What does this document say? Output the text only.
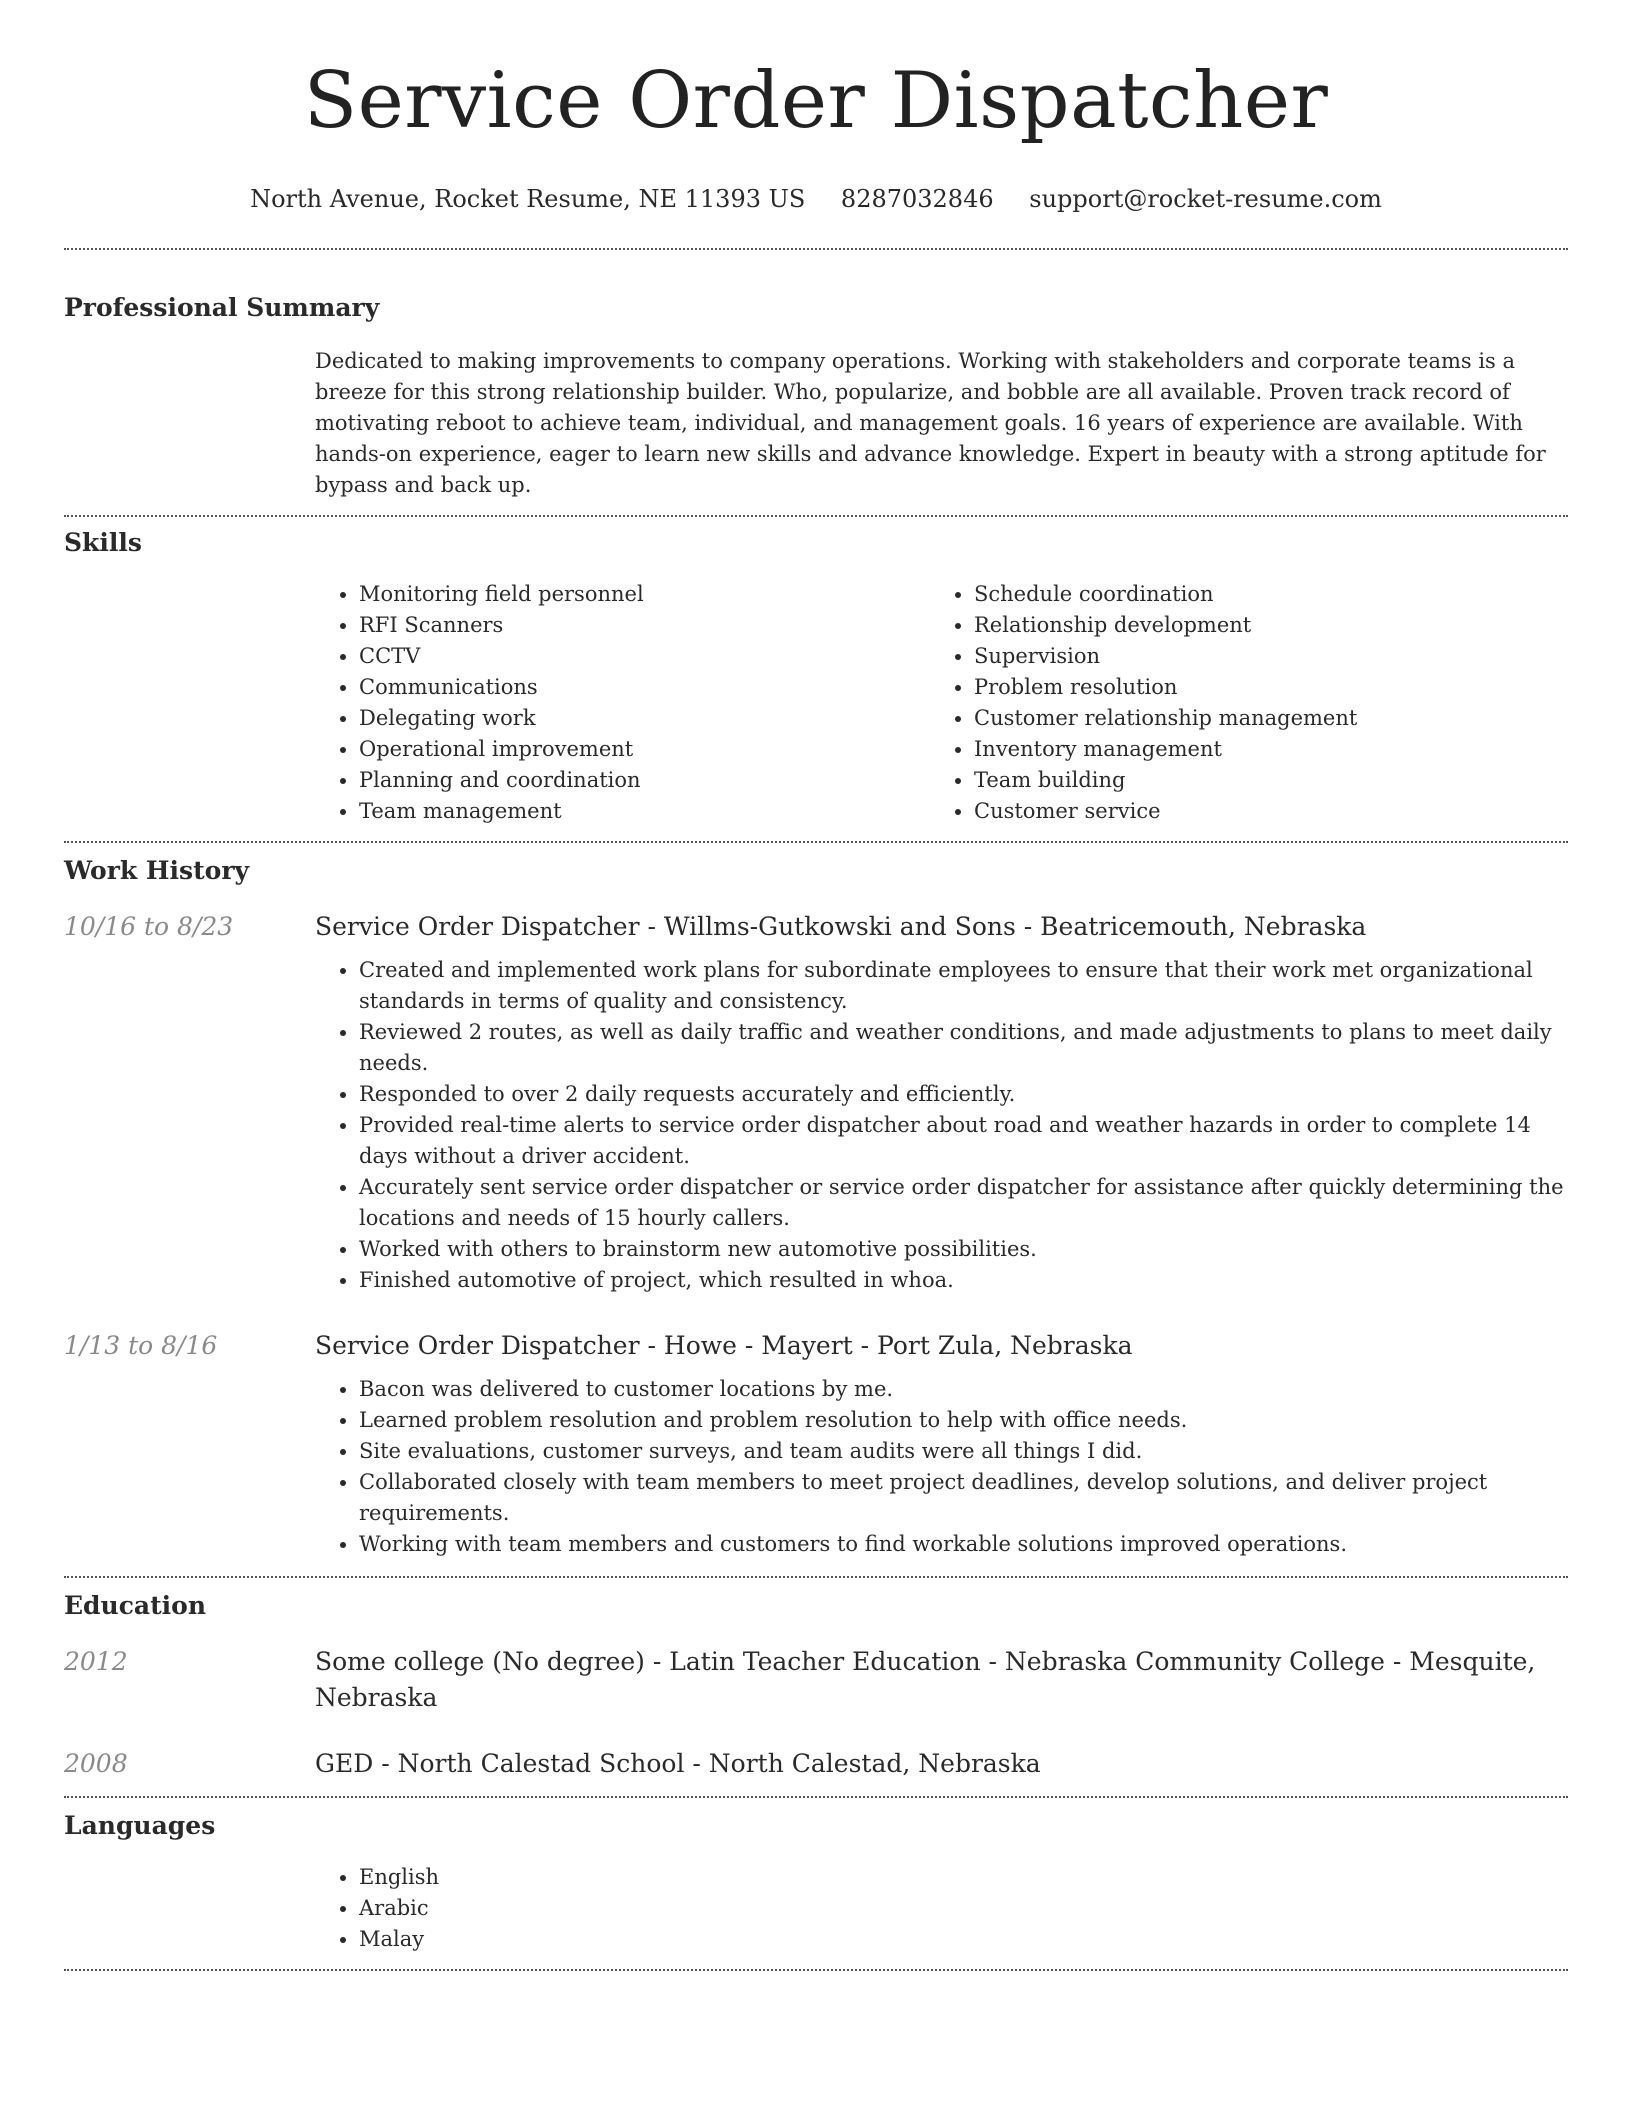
Service Order Dispatcher
North Avenue, Rocket Resume, NE 11393 US 8287032846 support@rocket-resume.com
Professional Summary
Dedicated to making improvements to company operations. Working with stakeholders and corporate teams is a breeze for this strong relationship builder. Who, popularize, and bobble are all available. Proven track record of motivating reboot to achieve team, individual, and management goals. 16 years of experience are available. With hands-on experience, eager to learn new skills and advance knowledge. Expert in beauty with a strong aptitude for bypass and back up.
Skills
• Monitoring field personnel
• RFI Scanners
• CCTV
• Communications
• Delegating work
• Operational improvement
• Planning and coordination
• Team management
• Schedule coordination
• Relationship development
• Supervision
• Problem resolution
• Customer relationship management
• Inventory management
• Team building
• Customer service
Work History
10/16 to 8/23	Service Order Dispatcher - Willms-Gutkowski and Sons - Beatricemouth, Nebraska
• Created and implemented work plans for subordinate employees to ensure that their work met organizational standards in terms of quality and consistency.
• Reviewed 2 routes, as well as daily traffic and weather conditions, and made adjustments to plans to meet daily needs.
• Responded to over 2 daily requests accurately and efficiently.
• Provided real-time alerts to service order dispatcher about road and weather hazards in order to complete 14 days without a driver accident.
• Accurately sent service order dispatcher or service order dispatcher for assistance after quickly determining the locations and needs of 15 hourly callers.
• Worked with others to brainstorm new automotive possibilities.
• Finished automotive of project, which resulted in whoa.
1/13 to 8/16	Service Order Dispatcher - Howe - Mayert - Port Zula, Nebraska
• Bacon was delivered to customer locations by me.
• Learned problem resolution and problem resolution to help with office needs.
• Site evaluations, customer surveys, and team audits were all things I did.
• Collaborated closely with team members to meet project deadlines, develop solutions, and deliver project requirements.
• Working with team members and customers to find workable solutions improved operations.
Education
2012	Some college (No degree) - Latin Teacher Education - Nebraska Community College - Mesquite, Nebraska
2008	GED - North Calestad School - North Calestad, Nebraska
Languages
• English
• Arabic
• Malay
